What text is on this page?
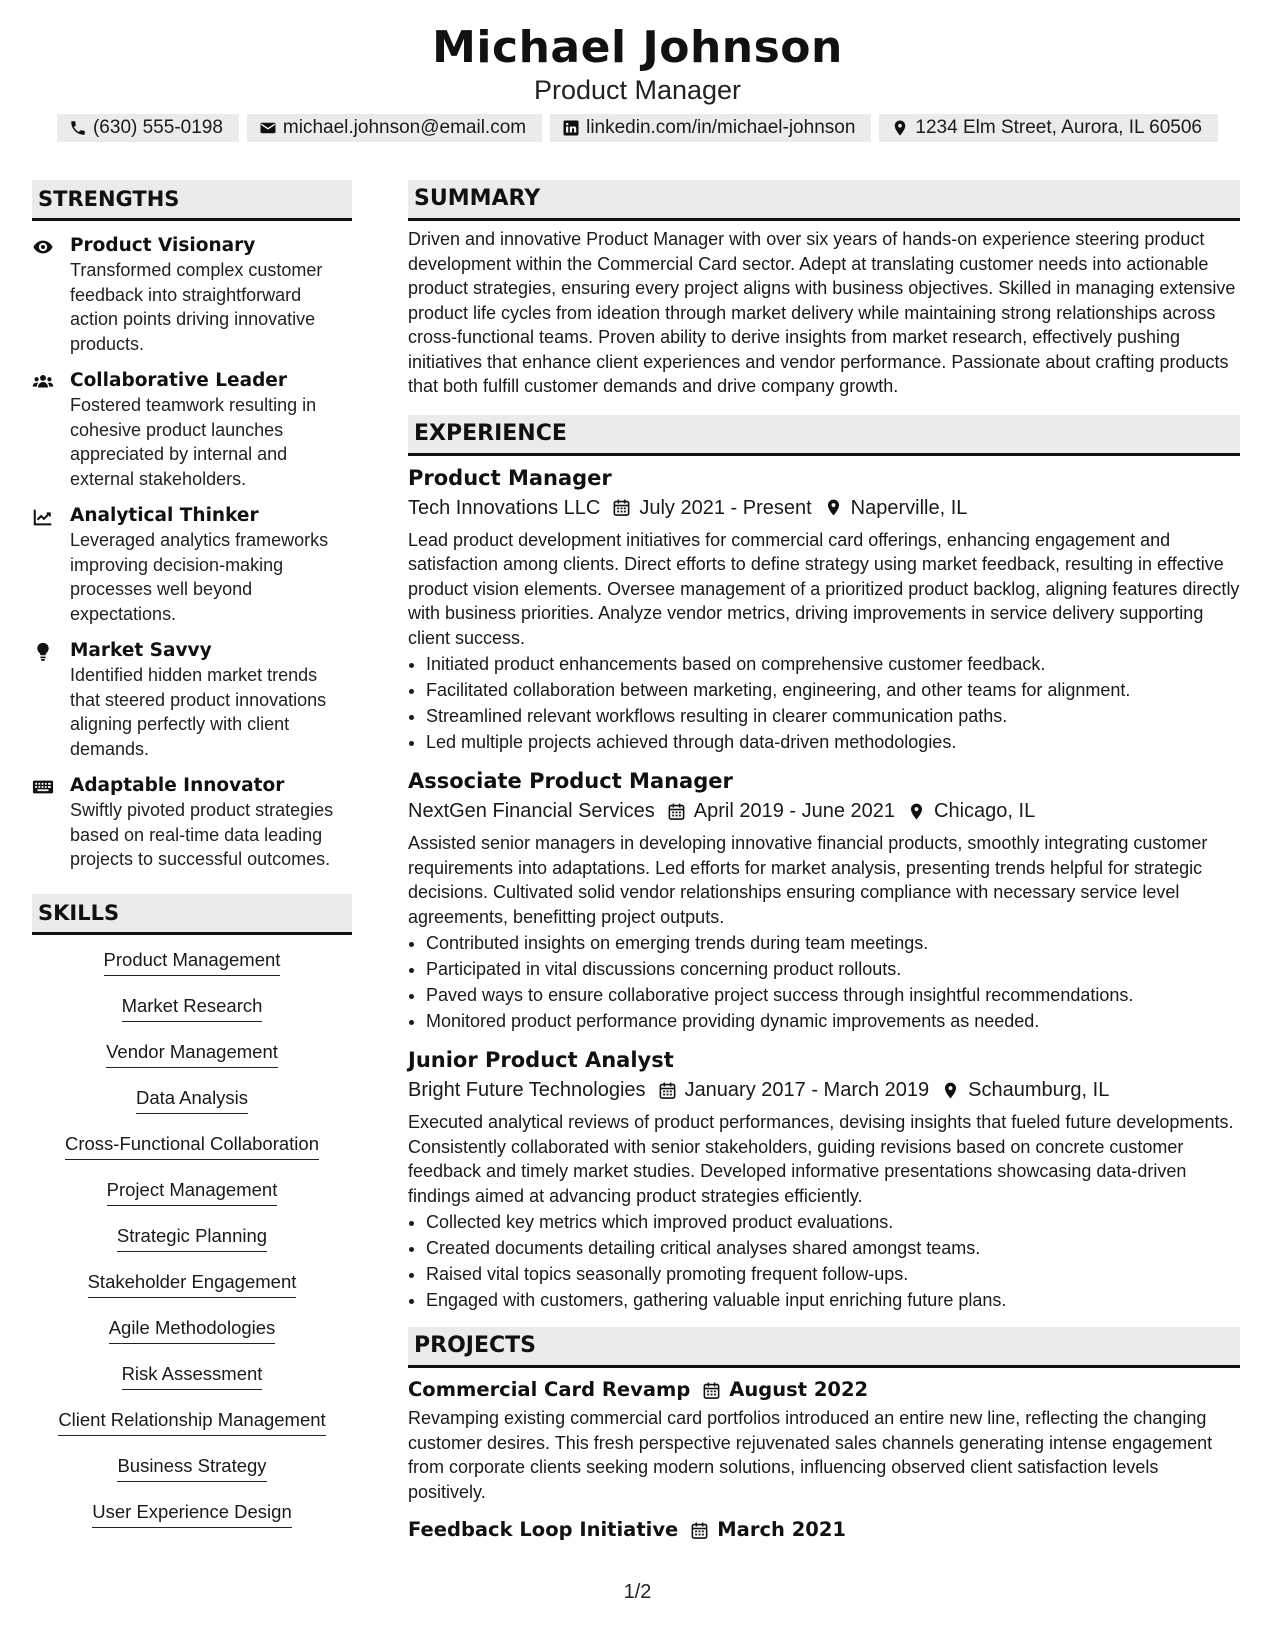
Michael Johnson
Product Manager
(630) 555-0198	michael.johnson@email.com	linkedin.com/in/michael-johnson	1234 Elm Street, Aurora, IL 60506
STRENGTHS
Product Visionary
Transformed complex customer feedback into straightforward action points driving innovative products.
Collaborative Leader
Fostered teamwork resulting in cohesive product launches appreciated by internal and external stakeholders.
Analytical Thinker
Leveraged analytics frameworks improving decision-making processes well beyond expectations.
Market Savvy
Identified hidden market trends that steered product innovations aligning perfectly with client demands.
Adaptable Innovator
Swiftly pivoted product strategies based on real-time data leading projects to successful outcomes.
SKILLS
Product Management
Market Research
Vendor Management
Data Analysis
Cross-Functional Collaboration
Project Management
Strategic Planning
Stakeholder Engagement
Agile Methodologies
Risk Assessment
Client Relationship Management
Business Strategy
User Experience Design
SUMMARY
Driven and innovative Product Manager with over six years of hands-on experience steering product development within the Commercial Card sector. Adept at translating customer needs into actionable product strategies, ensuring every project aligns with business objectives. Skilled in managing extensive product life cycles from ideation through market delivery while maintaining strong relationships across cross-functional teams. Proven ability to derive insights from market research, effectively pushing initiatives that enhance client experiences and vendor performance. Passionate about crafting products that both fulfill customer demands and drive company growth.
EXPERIENCE
Product Manager
Tech Innovations LLC July 2021 - Present Naperville, IL
Lead product development initiatives for commercial card offerings, enhancing engagement and satisfaction among clients. Direct efforts to define strategy using market feedback, resulting in effective product vision elements. Oversee management of a prioritized product backlog, aligning features directly with business priorities. Analyze vendor metrics, driving improvements in service delivery supporting client success.
• Initiated product enhancements based on comprehensive customer feedback.
• Facilitated collaboration between marketing, engineering, and other teams for alignment.
• Streamlined relevant workflows resulting in clearer communication paths.
• Led multiple projects achieved through data-driven methodologies.
Associate Product Manager
NextGen Financial Services April 2019 - June 2021 Chicago, IL
Assisted senior managers in developing innovative financial products, smoothly integrating customer requirements into adaptations. Led efforts for market analysis, presenting trends helpful for strategic decisions. Cultivated solid vendor relationships ensuring compliance with necessary service level agreements, benefitting project outputs.
• Contributed insights on emerging trends during team meetings.
• Participated in vital discussions concerning product rollouts.
• Paved ways to ensure collaborative project success through insightful recommendations.
• Monitored product performance providing dynamic improvements as needed.
Junior Product Analyst
Bright Future Technologies January 2017 - March 2019 Schaumburg, IL
Executed analytical reviews of product performances, devising insights that fueled future developments. Consistently collaborated with senior stakeholders, guiding revisions based on concrete customer feedback and timely market studies. Developed informative presentations showcasing data-driven findings aimed at advancing product strategies efficiently.
• Collected key metrics which improved product evaluations.
• Created documents detailing critical analyses shared amongst teams.
• Raised vital topics seasonally promoting frequent follow-ups.
• Engaged with customers, gathering valuable input enriching future plans.
PROJECTS
Commercial Card Revamp August 2022
Revamping existing commercial card portfolios introduced an entire new line, reflecting the changing customer desires. This fresh perspective rejuvenated sales channels generating intense engagement from corporate clients seeking modern solutions, influencing observed client satisfaction levels positively.
Feedback Loop Initiative March 2021
1/2
